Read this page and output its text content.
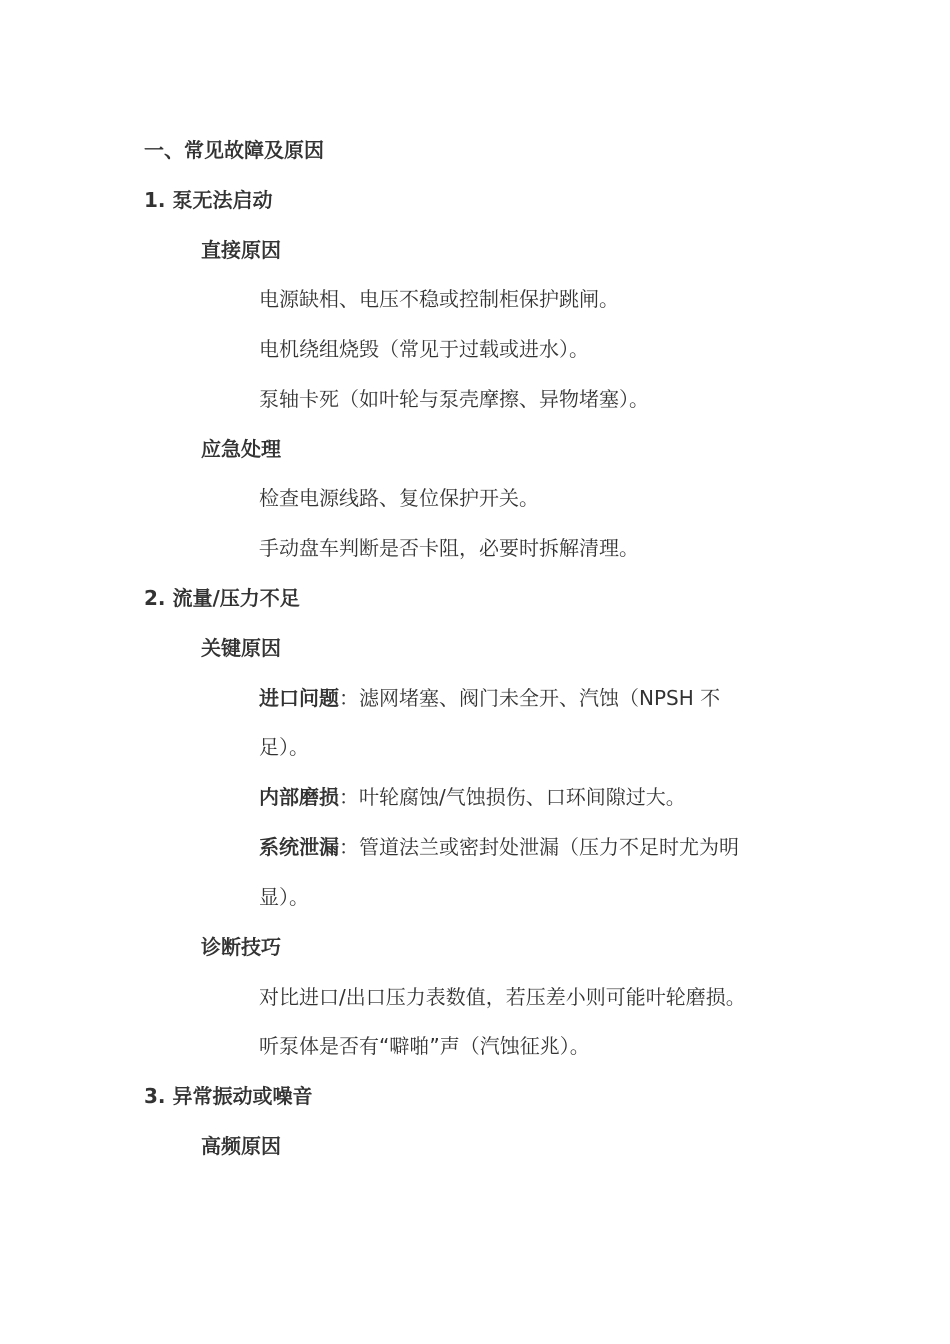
一、常见故障及原因

1. 泵无法启动

直接原因

电源缺相、电压不稳或控制柜保护跳闸。

电机绕组烧毁（常见于过载或进水）。

泵轴卡死（如叶轮与泵壳摩擦、异物堵塞）。

应急处理

检查电源线路、复位保护开关。

手动盘车判断是否卡阻，必要时拆解清理。

2. 流量/压力不足

关键原因

进口问题：滤网堵塞、阀门未全开、汽蚀（NPSH 不

足）。

内部磨损：叶轮腐蚀/气蚀损伤、口环间隙过大。

系统泄漏：管道法兰或密封处泄漏（压力不足时尤为明

显）。

诊断技巧

对比进口/出口压力表数值，若压差小则可能叶轮磨损。

听泵体是否有“噼啪”声（汽蚀征兆）。

3. 异常振动或噪音

高频原因
